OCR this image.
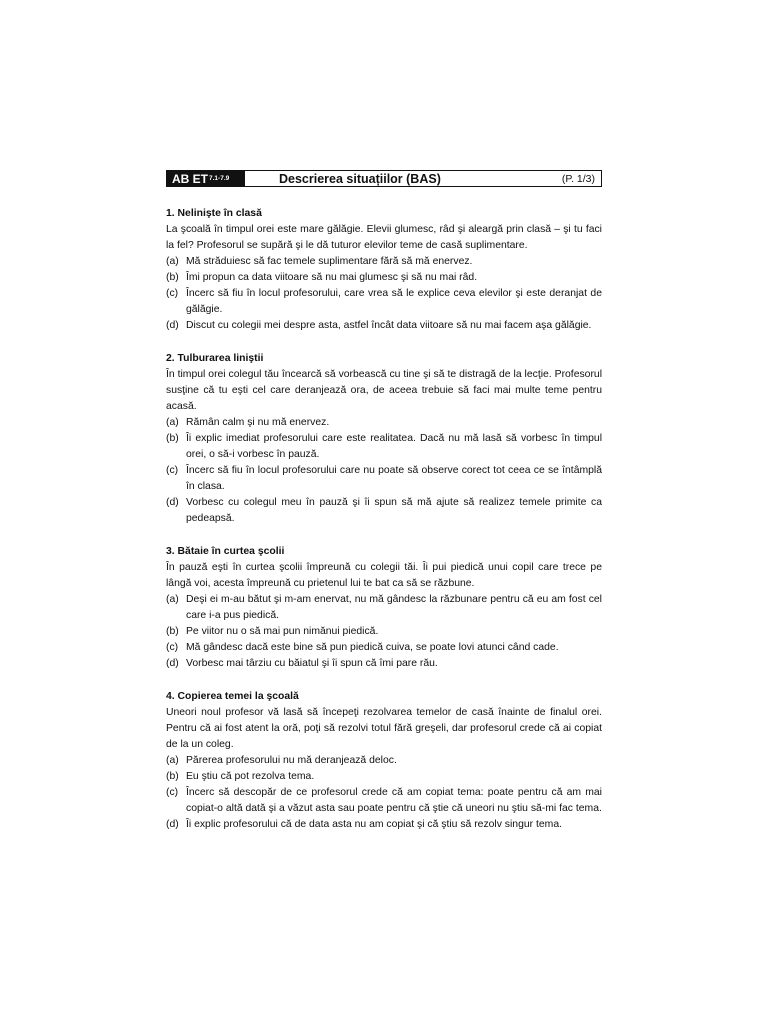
AB ET 7.1-7.9	Descrierea situațiilor (BAS)	(P. 1/3)
1. Nelinişte în clasă
La şcoală în timpul orei este mare gălăgie. Elevii glumesc, râd şi aleargă prin clasă – şi tu faci la fel? Profesorul se supără şi le dă tuturor elevilor teme de casă suplimentare.
(a) Mă străduiesc să fac temele suplimentare fără să mă enervez.
(b) Îmi propun ca data viitoare să nu mai glumesc şi să nu mai râd.
(c) Încerc să fiu în locul profesorului, care vrea să le explice ceva elevilor şi este deranjat de gălăgie.
(d) Discut cu colegii mei despre asta, astfel încât data viitoare să nu mai facem aşa gălăgie.
2. Tulburarea liniştii
În timpul orei colegul tău încearcă să vorbească cu tine şi să te distragă de la lecţie. Profesorul susţine că tu eşti cel care deranjează ora, de aceea trebuie să faci mai multe teme pentru acasă.
(a) Rămân calm şi nu mă enervez.
(b) Îi explic imediat profesorului care este realitatea. Dacă nu mă lasă să vorbesc în timpul orei, o să-i vorbesc în pauză.
(c) Încerc să fiu în locul profesorului care nu poate să observe corect tot ceea ce se întâmplă în clasa.
(d) Vorbesc cu colegul meu în pauză şi îi spun să mă ajute să realizez temele primite ca pedeapsă.
3. Bătaie în curtea şcolii
În pauză eşti în curtea şcolii împreună cu colegii tăi. Îi pui piedică unui copil care trece pe lângă voi, acesta împreună cu prietenul lui te bat ca să se răzbune.
(a) Deşi ei m-au bătut şi m-am enervat, nu mă gândesc la răzbunare pentru că eu am fost cel care i-a pus piedică.
(b) Pe viitor nu o să mai pun nimănui piedică.
(c) Mă gândesc dacă este bine să pun piedică cuiva, se poate lovi atunci când cade.
(d) Vorbesc mai târziu cu băiatul şi îi spun că îmi pare rău.
4. Copierea temei la şcoală
Uneori noul profesor vă lasă să începeţi rezolvarea temelor de casă înainte de finalul orei. Pentru că ai fost atent la oră, poţi să rezolvi totul fără greşeli, dar profesorul crede că ai copiat de la un coleg.
(a) Părerea profesorului nu mă deranjează deloc.
(b) Eu ştiu că pot rezolva tema.
(c) Încerc să descopăr de ce profesorul crede că am copiat tema: poate pentru că am mai copiat-o altă dată şi a văzut asta sau poate pentru că ştie că uneori nu ştiu să-mi fac tema.
(d) Îi explic profesorului că de data asta nu am copiat şi că ştiu să rezolv singur tema.
